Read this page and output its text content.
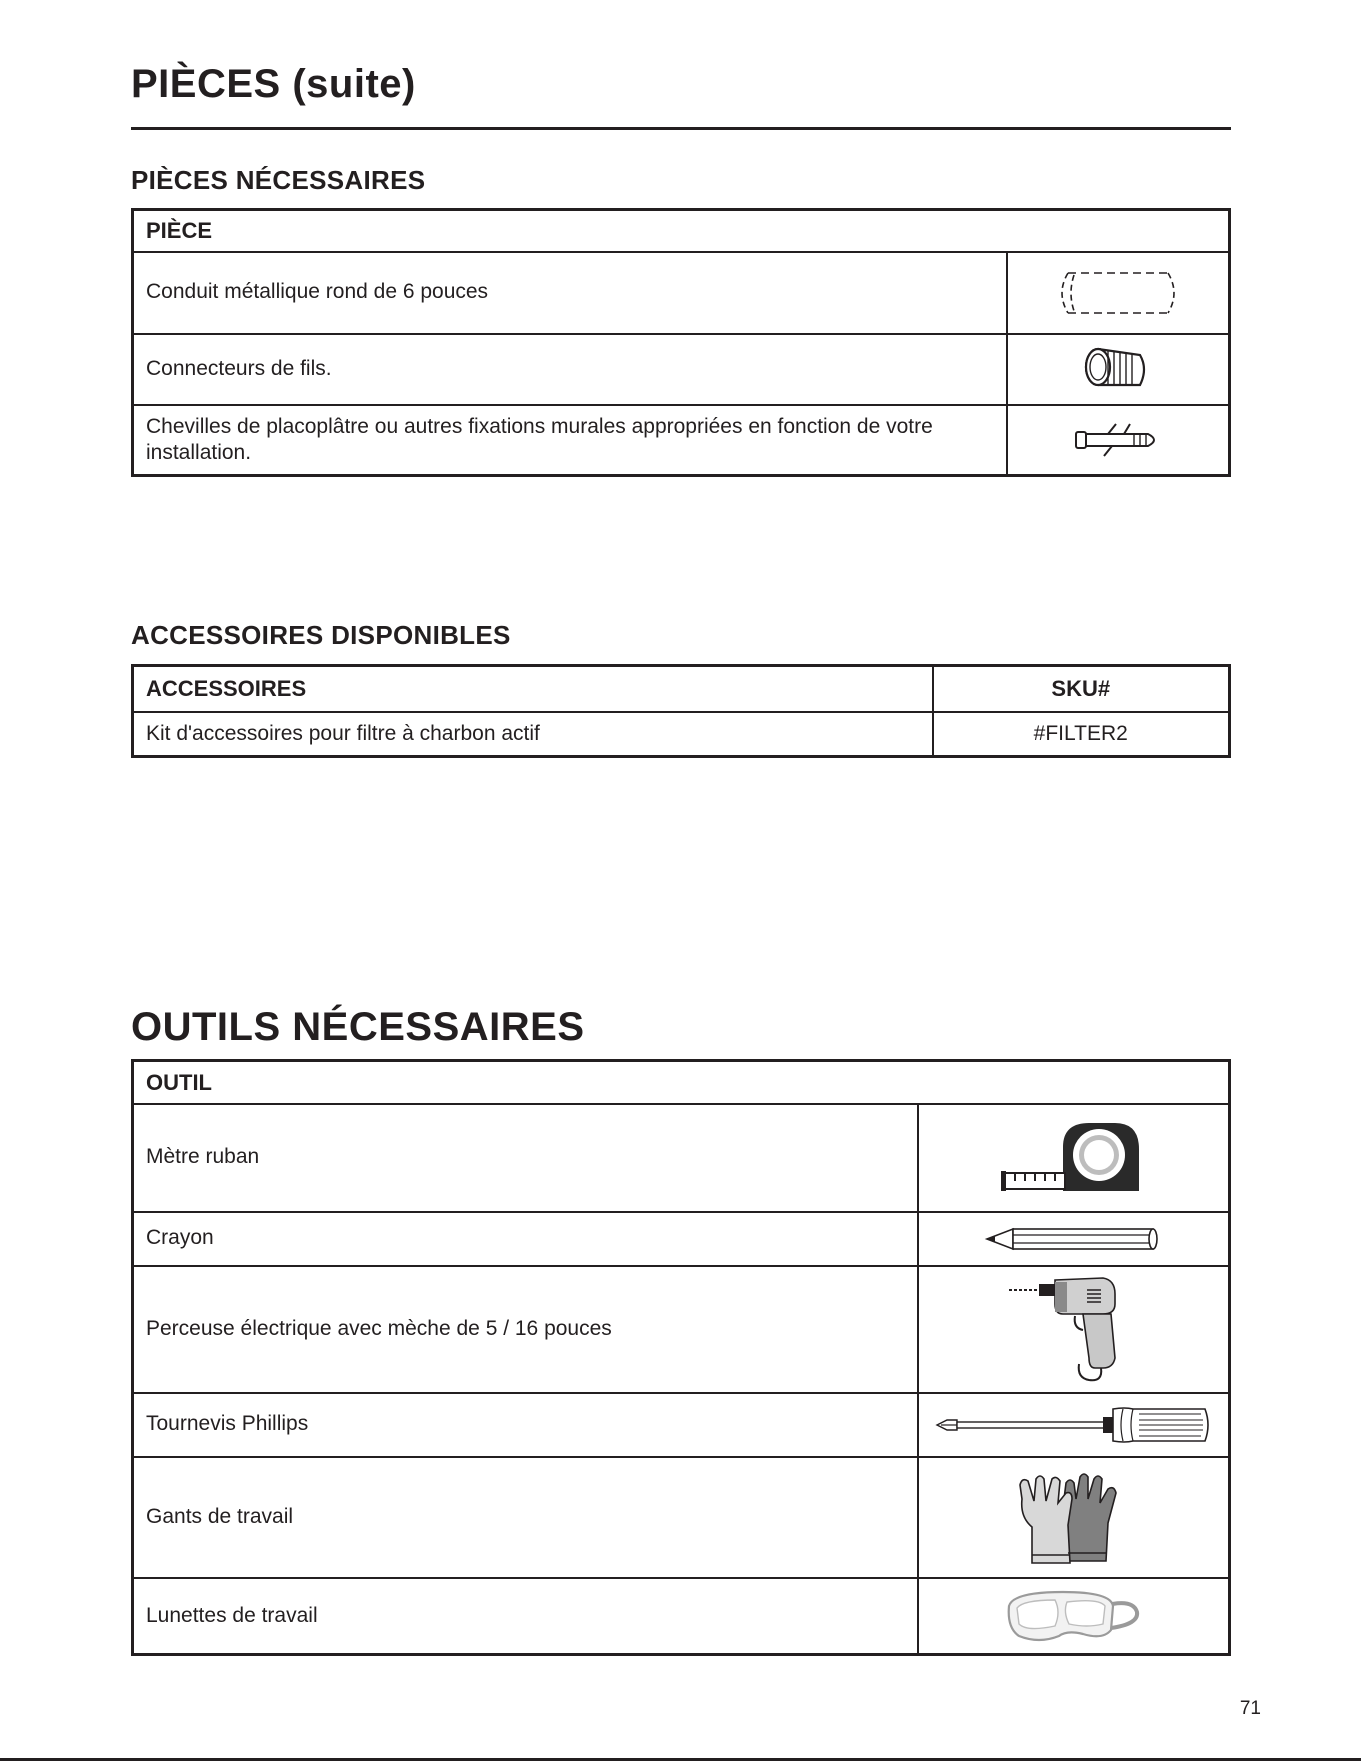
PIÈCES (suite)
PIÈCES NÉCESSAIRES
PIÈCE	
Conduit métallique rond de 6 pouces	

Connecteurs de fils.	

Chevilles de placoplâtre ou autres fixations murales appropriées en fonction de votre installation.	
ACCESSOIRES DISPONIBLES
ACCESSOIRES	SKU#
Kit d'accessoires pour filtre à charbon actif	#FILTER2
OUTILS NÉCESSAIRES
OUTIL	
Mètre ruban	

Crayon	

Perceuse électrique avec mèche de 5 / 16 pouces	

Tournevis Phillips	

Gants de travail	

Lunettes de travail	
71
